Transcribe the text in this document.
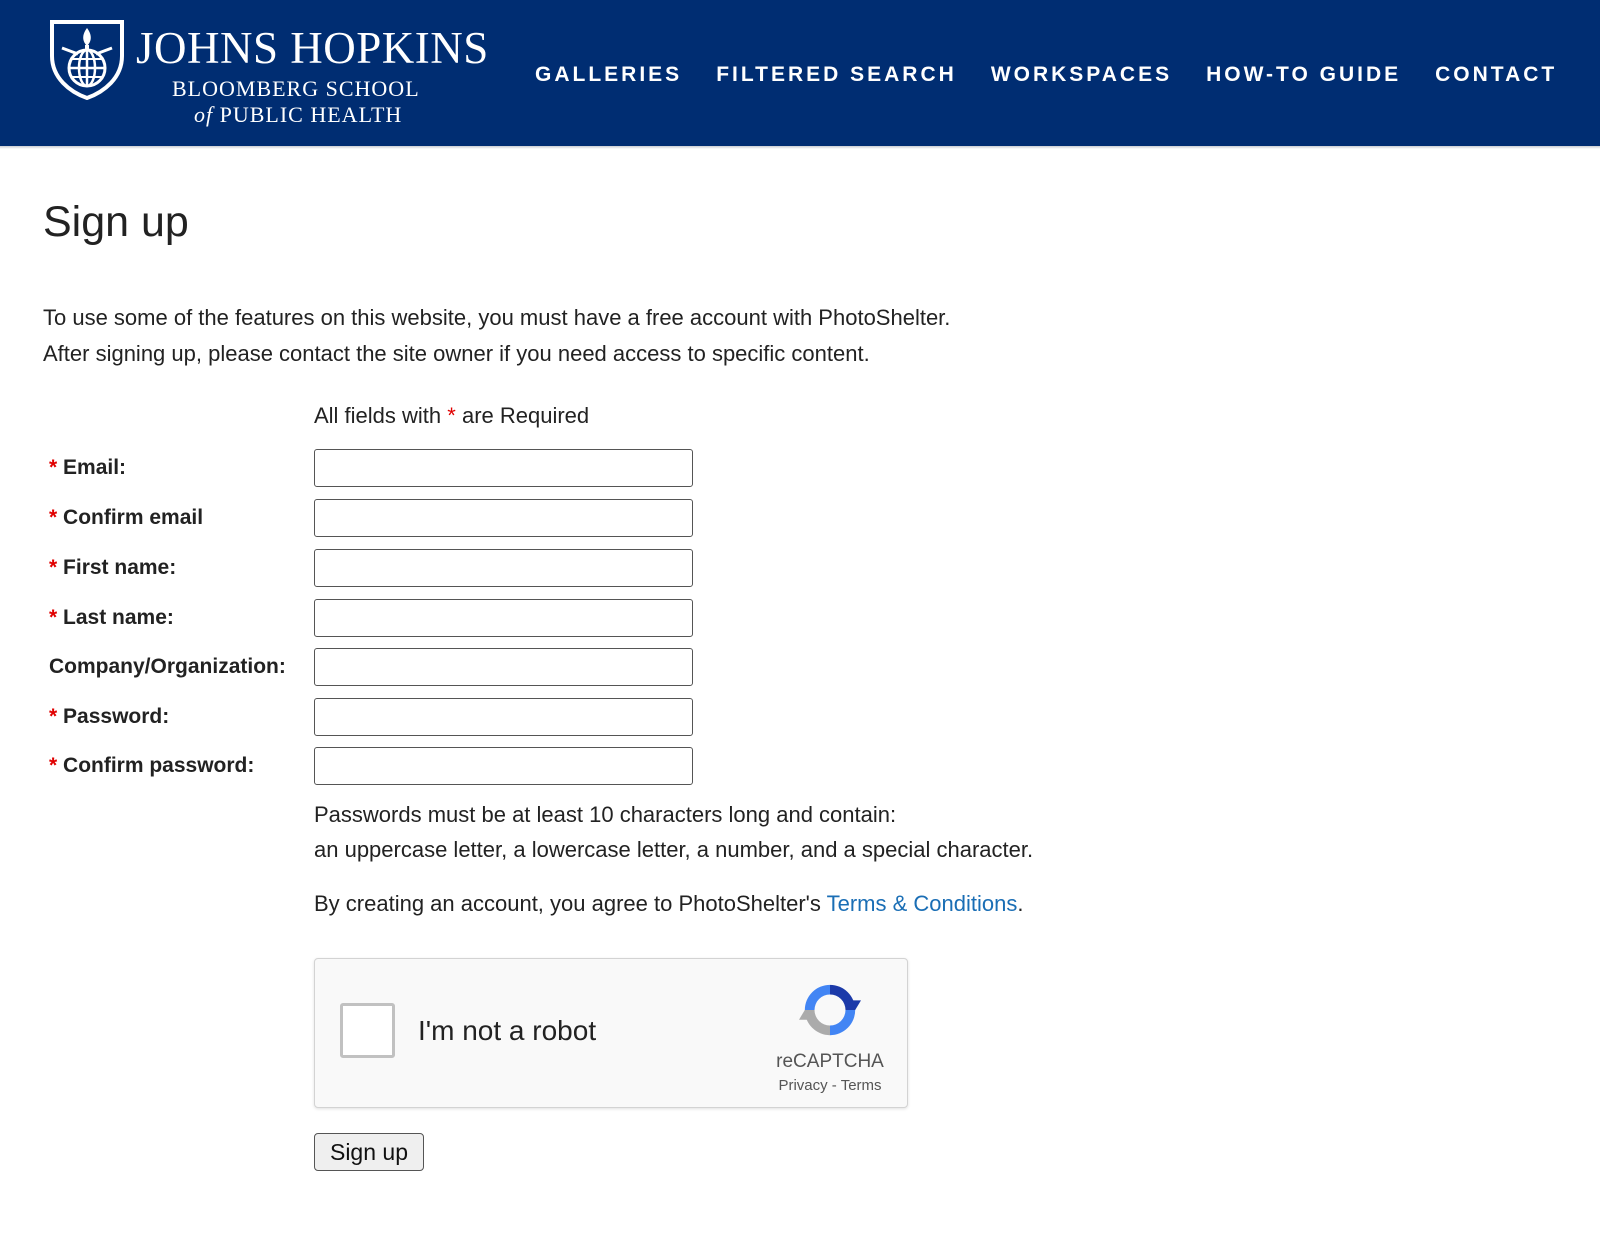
JOHNS HOPKINS
BLOOMBERG SCHOOL
of PUBLIC HEALTH
GALLERIES FILTERED SEARCH WORKSPACES HOW-TO GUIDE CONTACT
Sign up
To use some of the features on this website, you must have a free account with PhotoShelter.
After signing up, please contact the site owner if you need access to specific content.
All fields with * are Required
* Email:
* Confirm email
* First name:
* Last name:
Company/Organization:
* Password:
* Confirm password:
Passwords must be at least 10 characters long and contain:
an uppercase letter, a lowercase letter, a number, and a special character.
By creating an account, you agree to PhotoShelter's Terms & Conditions.
I'm not a robot
reCAPTCHA
Privacy - Terms
Sign up
